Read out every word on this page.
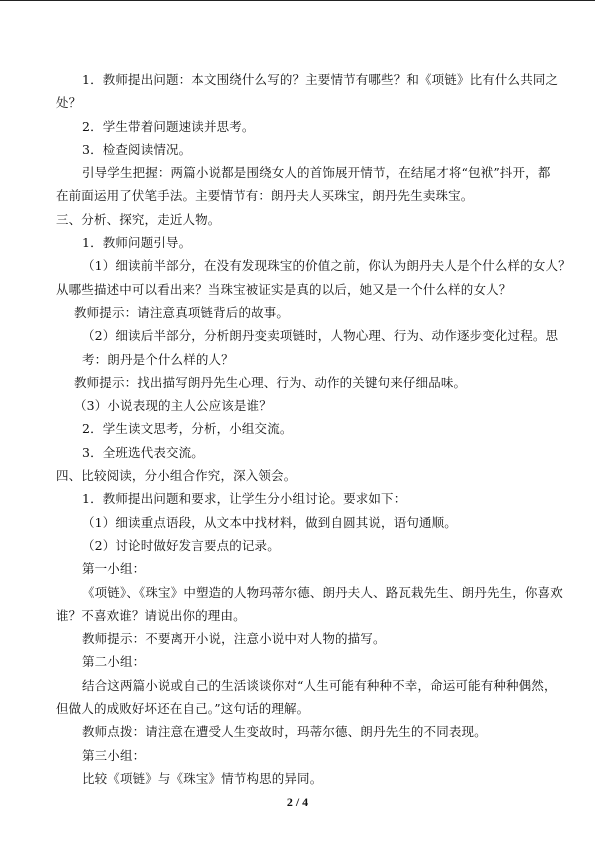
1．教师提出问题：本文围绕什么写的？主要情节有哪些？和《项链》比有什么共同之
处？
2．学生带着问题速读并思考。
3．检查阅读情况。
引导学生把握：两篇小说都是围绕女人的首饰展开情节，在结尾才将“包袱”抖开，都
在前面运用了伏笔手法。主要情节有：朗丹夫人买珠宝，朗丹先生卖珠宝。
三、分析、探究，走近人物。
1．教师问题引导。
（1）细读前半部分，在没有发现珠宝的价值之前，你认为朗丹夫人是个什么样的女人？
从哪些描述中可以看出来？当珠宝被证实是真的以后，她又是一个什么样的女人？
教师提示：请注意真项链背后的故事。
（2）细读后半部分，分析朗丹变卖项链时，人物心理、行为、动作逐步变化过程。思
考：朗丹是个什么样的人？
教师提示：找出描写朗丹先生心理、行为、动作的关键句来仔细品味。
（3）小说表现的主人公应该是谁？
2．学生读文思考，分析，小组交流。
3．全班选代表交流。
四、比较阅读，分小组合作究，深入领会。
1．教师提出问题和要求，让学生分小组讨论。要求如下：
（1）细读重点语段，从文本中找材料，做到自圆其说，语句通顺。
（2）讨论时做好发言要点的记录。
第一小组：
《项链》、《珠宝》中塑造的人物玛蒂尔德、朗丹夫人、路瓦栽先生、朗丹先生，你喜欢
谁？不喜欢谁？请说出你的理由。
教师提示：不要离开小说，注意小说中对人物的描写。
第二小组：
结合这两篇小说或自己的生活谈谈你对“人生可能有种种不幸，命运可能有种种偶然，
但做人的成败好坏还在自己。”这句话的理解。
教师点拨：请注意在遭受人生变故时，玛蒂尔德、朗丹先生的不同表现。
第三小组：
比较《项链》与《珠宝》情节构思的异同。
2 / 4
